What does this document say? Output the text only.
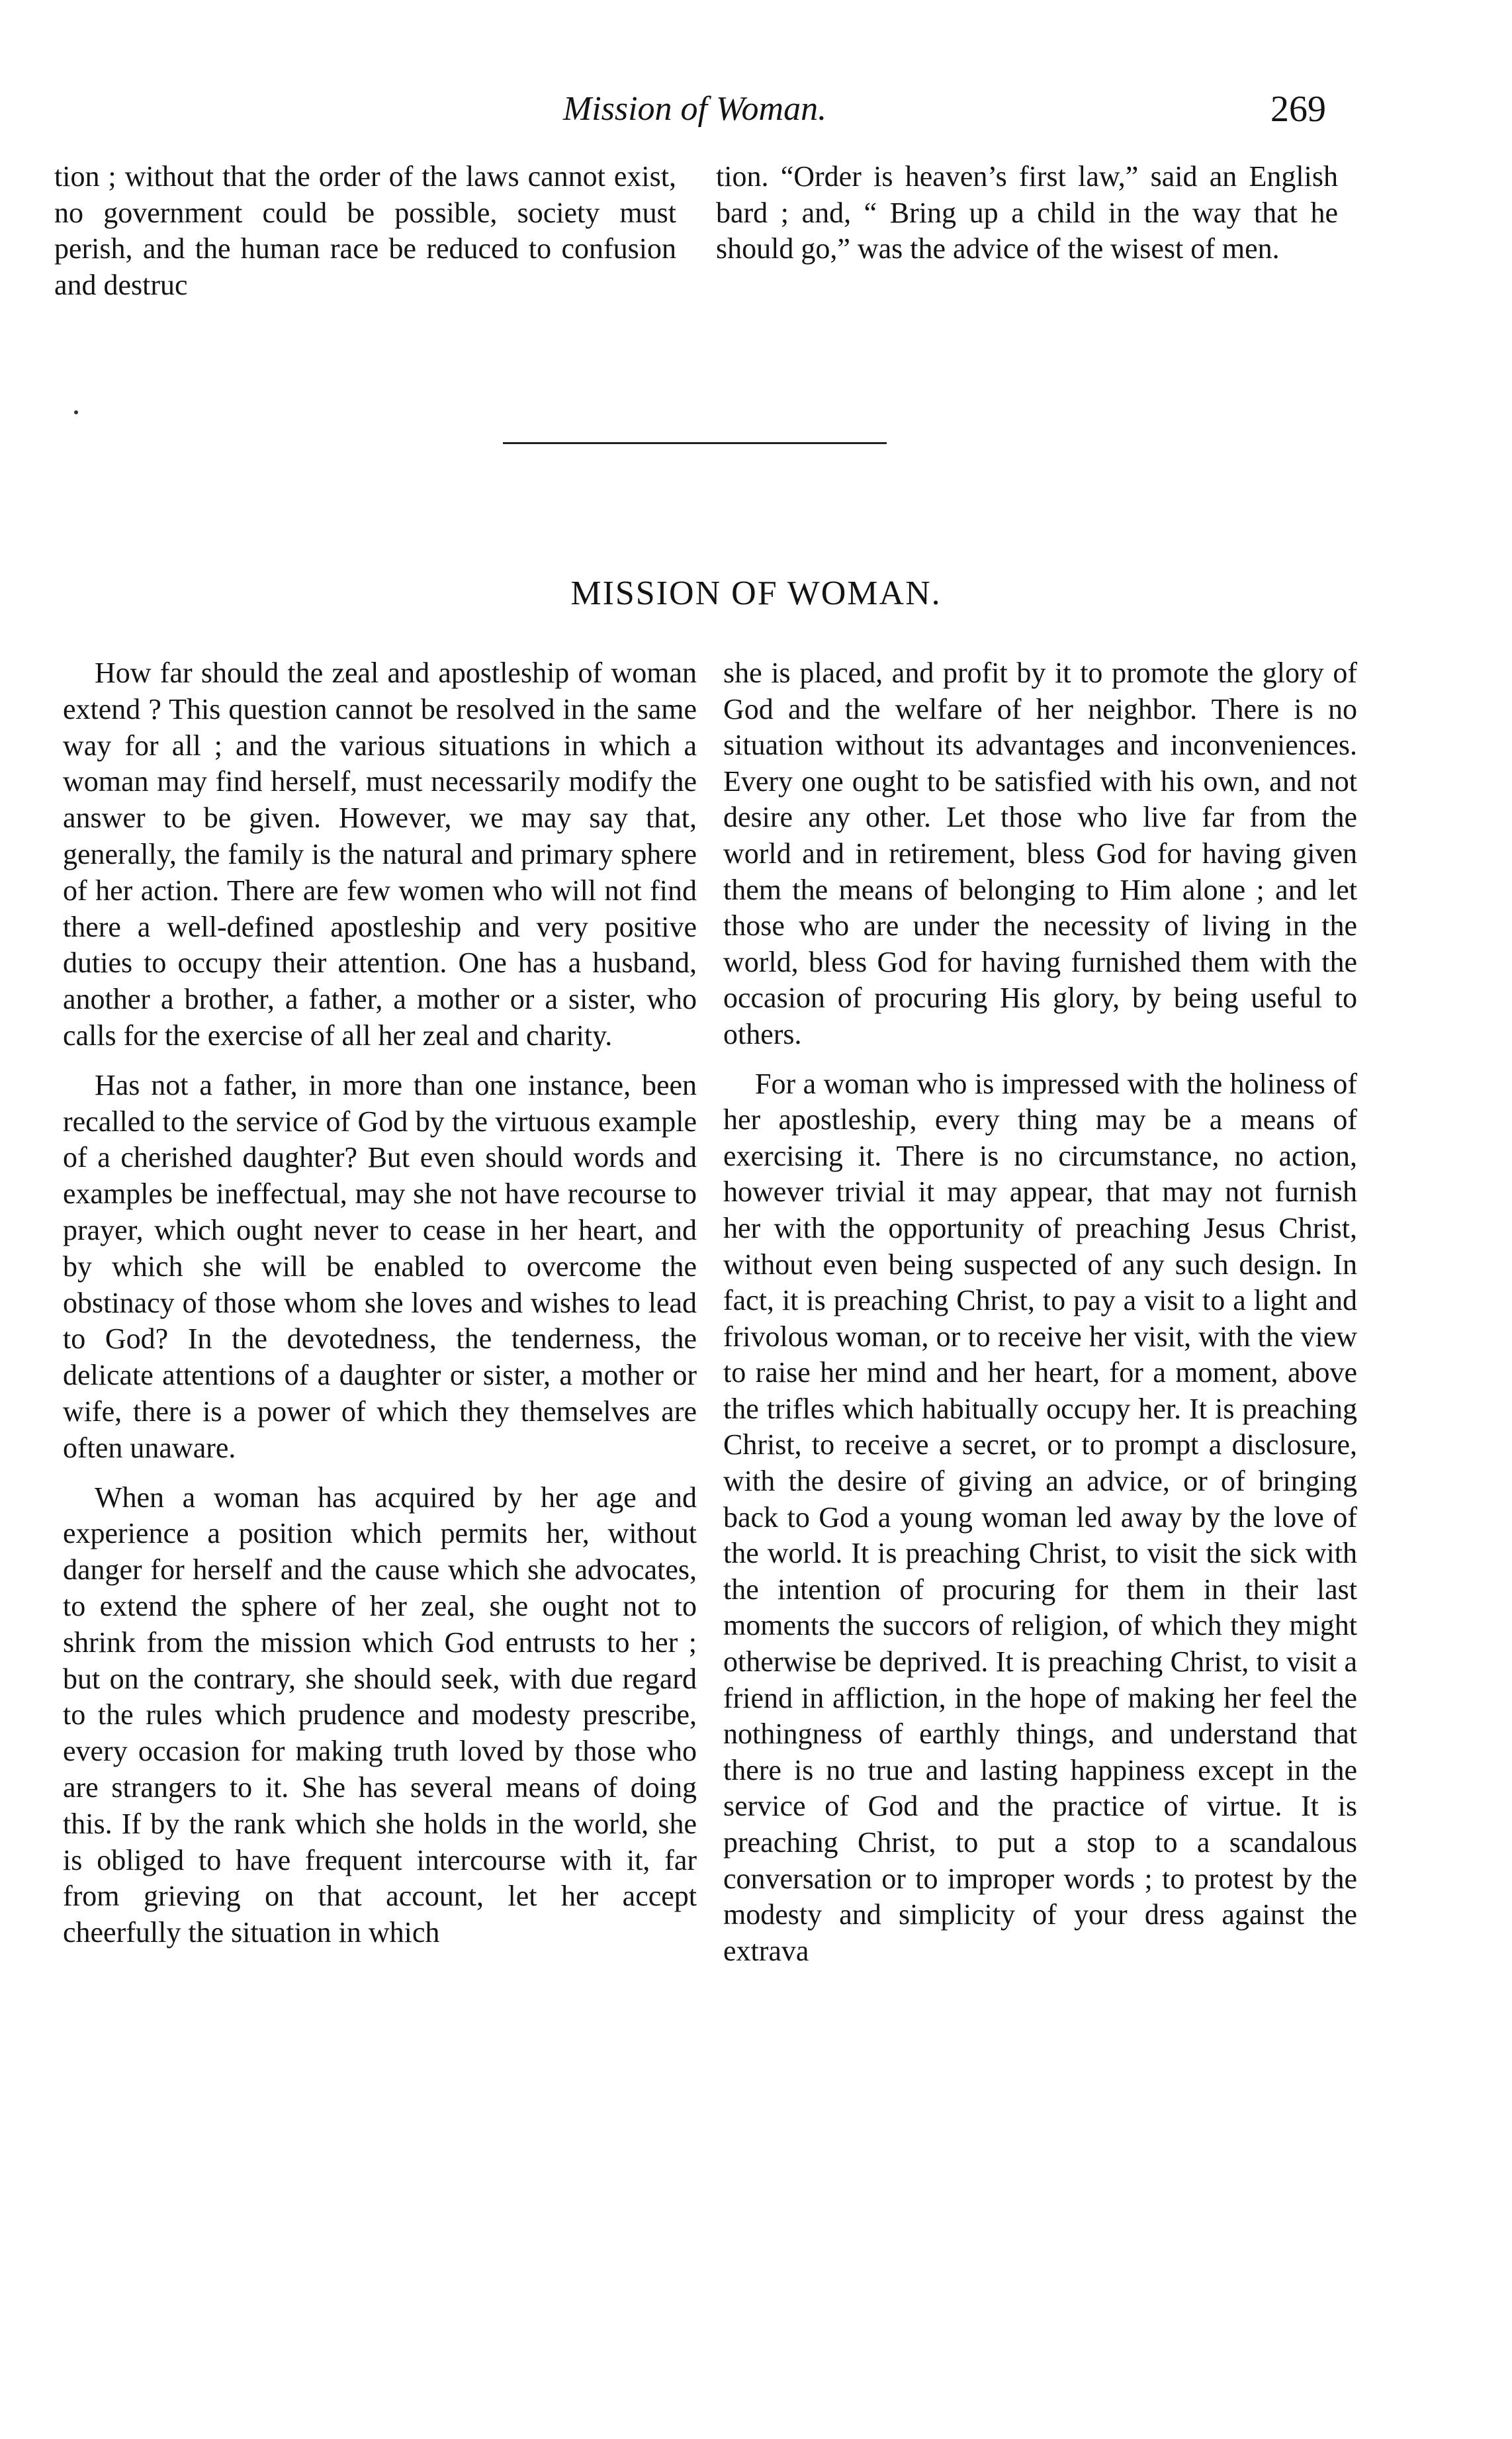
Mission of Woman.	269

tion ; without that the order of the laws cannot exist, no government could be possible, society must perish, and the human race be reduced to confusion and destruc

tion. “Order is heaven’s first law,” said an English bard ; and, “ Bring up a child in the way that he should go,” was the advice of the wisest of men.

MISSION OF WOMAN.

How far should the zeal and apostleship of woman extend ? This question cannot be resolved in the same way for all ; and the various situations in which a woman may find herself, must necessarily modify the answer to be given. However, we may say that, generally, the family is the natural and primary sphere of her action. There are few women who will not find there a well-defined apostleship and very positive duties to occupy their attention. One has a husband, another a brother, a father, a mother or a sister, who calls for the exercise of all her zeal and charity.

Has not a father, in more than one instance, been recalled to the service of God by the virtuous example of a cherished daughter? But even should words and examples be ineffectual, may she not have recourse to prayer, which ought never to cease in her heart, and by which she will be enabled to overcome the obstinacy of those whom she loves and wishes to lead to God? In the devotedness, the tenderness, the delicate attentions of a daughter or sister, a mother or wife, there is a power of which they themselves are often unaware.

When a woman has acquired by her age and experience a position which permits her, without danger for herself and the cause which she advocates, to extend the sphere of her zeal, she ought not to shrink from the mission which God entrusts to her ; but on the contrary, she should seek, with due regard to the rules which prudence and modesty prescribe, every occasion for making truth loved by those who are strangers to it. She has several means of doing this. If by the rank which she holds in the world, she is obliged to have frequent intercourse with it, far from grieving on that account, let her accept cheerfully the situation in which

she is placed, and profit by it to promote the glory of God and the welfare of her neighbor. There is no situation without its advantages and inconveniences. Every one ought to be satisfied with his own, and not desire any other. Let those who live far from the world and in retirement, bless God for having given them the means of belonging to Him alone ; and let those who are under the necessity of living in the world, bless God for having furnished them with the occasion of procuring His glory, by being useful to others.

For a woman who is impressed with the holiness of her apostleship, every thing may be a means of exercising it. There is no circumstance, no action, however trivial it may appear, that may not furnish her with the opportunity of preaching Jesus Christ, without even being suspected of any such design. In fact, it is preaching Christ, to pay a visit to a light and frivolous woman, or to receive her visit, with the view to raise her mind and her heart, for a moment, above the trifles which habitually occupy her. It is preaching Christ, to receive a secret, or to prompt a disclosure, with the desire of giving an advice, or of bringing back to God a young woman led away by the love of the world. It is preaching Christ, to visit the sick with the intention of procuring for them in their last moments the succors of religion, of which they might otherwise be deprived. It is preaching Christ, to visit a friend in affliction, in the hope of making her feel the nothingness of earthly things, and understand that there is no true and lasting happiness except in the service of God and the practice of virtue. It is preaching Christ, to put a stop to a scandalous conversation or to improper words ; to protest by the modesty and simplicity of your dress against the extrava
